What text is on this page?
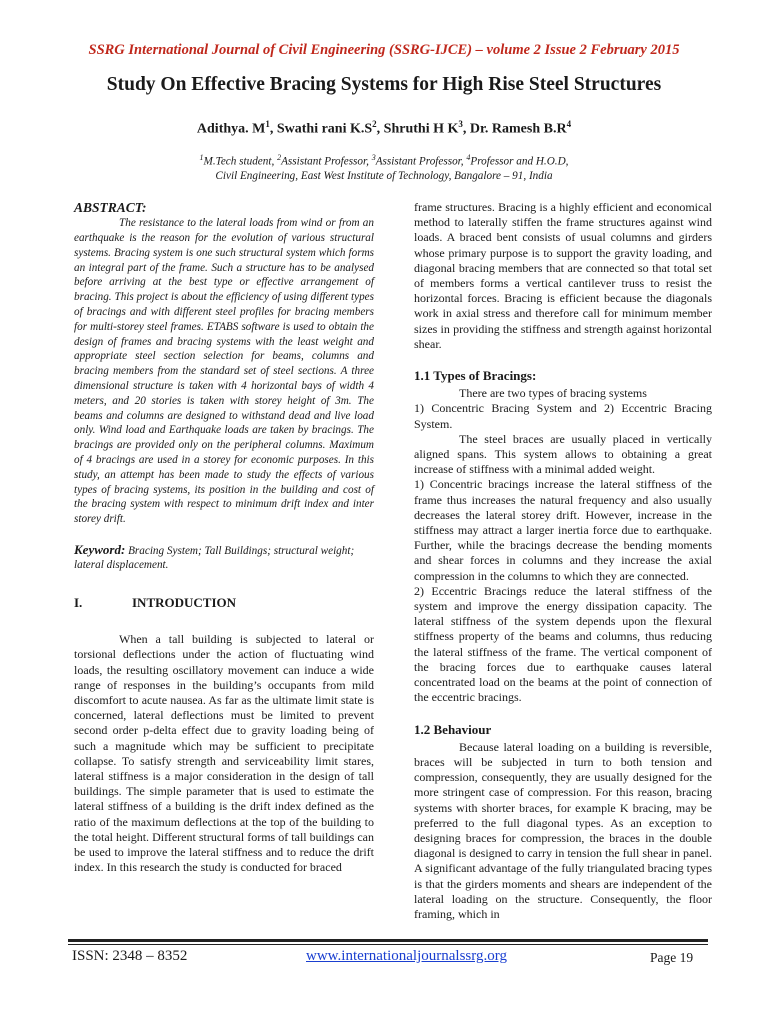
SSRG International Journal of Civil Engineering (SSRG-IJCE) – volume 2 Issue 2 February 2015
Study On Effective Bracing Systems for High Rise Steel Structures
Adithya. $M^1$, Swathi rani $K.S^2$, Shruthi H $K^3$, Dr. Ramesh $B.R^4$
$^1$M.Tech student, $^2$Assistant Professor, $^3$Assistant Professor, $^4$Professor and H.O.D,
Civil Engineering, East West Institute of Technology, Bangalore – 91, India

ABSTRACT:

The resistance to the lateral loads from wind or from an earthquake is the reason for the evolution of various structural systems. Bracing system is one such structural system which forms an integral part of the frame. Such a structure has to be analysed before arriving at the best type or effective arrangement of bracing. This project is about the efficiency of using different types of bracings and with different steel profiles for bracing members for multi-storey steel frames. ETABS software is used to obtain the design of frames and bracing systems with the least weight and appropriate steel section selection for beams, columns and bracing members from the standard set of steel sections. A three dimensional structure is taken with 4 horizontal bays of width 4 meters, and 20 stories is taken with storey height of 3m. The beams and columns are designed to withstand dead and live load only. Wind load and Earthquake loads are taken by bracings. The bracings are provided only on the peripheral columns. Maximum of 4 bracings are used in a storey for economic purposes. In this study, an attempt has been made to study the effects of various types of bracing systems, its position in the building and cost of the bracing system with respect to minimum drift index and inter storey drift.

Keyword: Bracing System; Tall Buildings; structural weight; lateral displacement.

I.	INTRODUCTION

When a tall building is subjected to lateral or torsional deflections under the action of fluctuating wind loads, the resulting oscillatory movement can induce a wide range of responses in the building’s occupants from mild discomfort to acute nausea. As far as the ultimate limit state is concerned, lateral deflections must be limited to prevent second order p-delta effect due to gravity loading being of such a magnitude which may be sufficient to precipitate collapse. To satisfy strength and serviceability limit stares, lateral stiffness is a major consideration in the design of tall buildings. The simple parameter that is used to estimate the lateral stiffness of a building is the drift index defined as the ratio of the maximum deflections at the top of the building to the total height. Different structural forms of tall buildings can be used to improve the lateral stiffness and to reduce the drift index. In this research the study is conducted for braced

frame structures. Bracing is a highly efficient and economical method to laterally stiffen the frame structures against wind loads. A braced bent consists of usual columns and girders whose primary purpose is to support the gravity loading, and diagonal bracing members that are connected so that total set of members forms a vertical cantilever truss to resist the horizontal forces. Bracing is efficient because the diagonals work in axial stress and therefore call for minimum member sizes in providing the stiffness and strength against horizontal shear.

1.1 Types of Bracings:

There are two types of bracing systems

1) Concentric Bracing System and 2) Eccentric Bracing System.

The steel braces are usually placed in vertically aligned spans. This system allows to obtaining a great increase of stiffness with a minimal added weight.

1) Concentric bracings increase the lateral stiffness of the frame thus increases the natural frequency and also usually decreases the lateral storey drift. However, increase in the stiffness may attract a larger inertia force due to earthquake. Further, while the bracings decrease the bending moments and shear forces in columns and they increase the axial compression in the columns to which they are connected.

2) Eccentric Bracings reduce the lateral stiffness of the system and improve the energy dissipation capacity. The lateral stiffness of the system depends upon the flexural stiffness property of the beams and columns, thus reducing the lateral stiffness of the frame. The vertical component of the bracing forces due to earthquake causes lateral concentrated load on the beams at the point of connection of the eccentric bracings.

1.2 Behaviour

Because lateral loading on a building is reversible, braces will be subjected in turn to both tension and compression, consequently, they are usually designed for the more stringent case of compression. For this reason, bracing systems with shorter braces, for example K bracing, may be preferred to the full diagonal types. As an exception to designing braces for compression, the braces in the double diagonal is designed to carry in tension the full shear in panel. A significant advantage of the fully triangulated bracing types is that the girders moments and shears are independent of the lateral loading on the structure. Consequently, the floor framing, which in

ISSN: 2348 – 8352	www.internationaljournalssrg.org	Page 19
